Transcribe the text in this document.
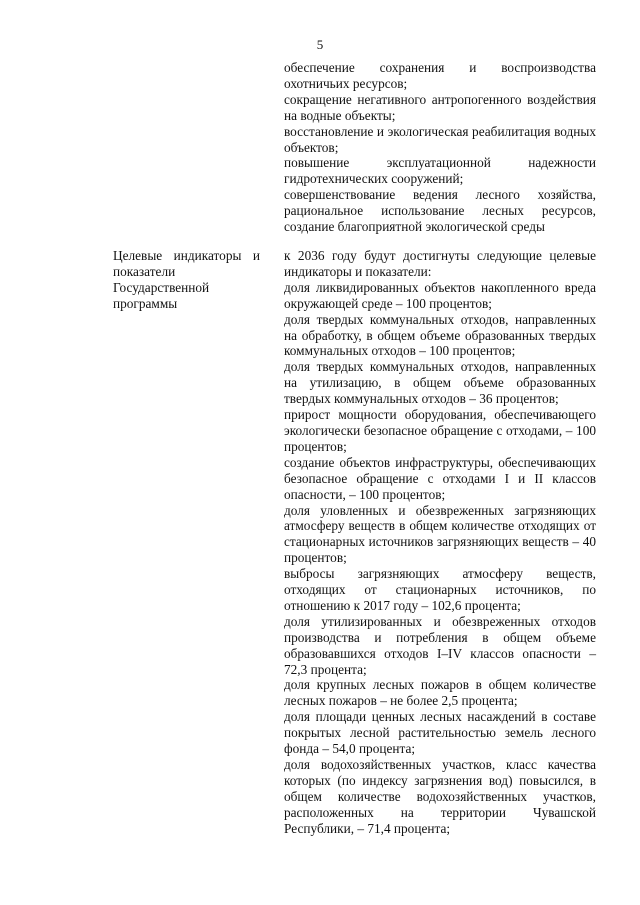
5

обеспечение сохранения и воспроизводства охотничьих ресурсов;

сокращение негативного антропогенного воздействия на водные объекты;

восстановление и экологическая реабилитация водных объектов;

повышение эксплуатационной надежности гидротехнических сооружений;

совершенствование ведения лесного хозяйства, рациональное использование лесных ресурсов, создание благоприятной экологической среды

Целевые индикаторы и показатели Государственной программы

к 2036 году будут достигнуты следующие целевые индикаторы и показатели:

доля ликвидированных объектов накопленного вреда окружающей среде – 100 процентов;

доля твердых коммунальных отходов, направленных на обработку, в общем объеме образованных твердых коммунальных отходов – 100 процентов;

доля твердых коммунальных отходов, направленных на утилизацию, в общем объеме образованных твердых коммунальных отходов – 36 процентов;

прирост мощности оборудования, обеспечивающего экологически безопасное обращение с отходами, – 100 процентов;

создание объектов инфраструктуры, обеспечивающих безопасное обращение с отходами I и II классов опасности, – 100 процентов;

доля уловленных и обезвреженных загрязняющих атмосферу веществ в общем количестве отходящих от стационарных источников загрязняющих веществ – 40 процентов;

выбросы загрязняющих атмосферу веществ, отходящих от стационарных источников, по отношению к 2017 году – 102,6 процента;

доля утилизированных и обезвреженных отходов производства и потребления в общем объеме образовавшихся отходов I–IV классов опасности – 72,3 процента;

доля крупных лесных пожаров в общем количестве лесных пожаров – не более 2,5 процента;

доля площади ценных лесных насаждений в составе покрытых лесной растительностью земель лесного фонда – 54,0 процента;

доля водохозяйственных участков, класс качества которых (по индексу загрязнения вод) повысился, в общем количестве водохозяйственных участков, расположенных на территории Чувашской Республики, – 71,4 процента;
